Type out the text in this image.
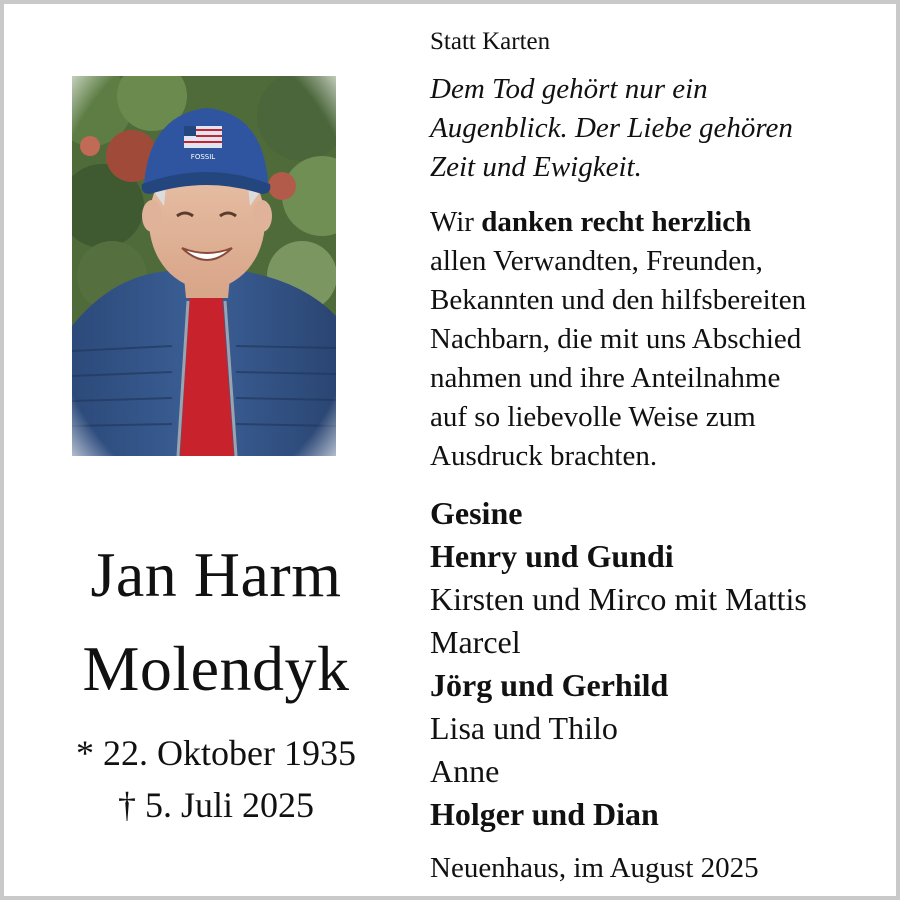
Jan Harm
Molendyk
* 22. Oktober 1935
† 5. Juli 2025
Statt Karten
Dem Tod gehört nur ein
Augenblick. Der Liebe gehören
Zeit und Ewigkeit.
Wir danken recht herzlich
allen Verwandten, Freunden,
Bekannten und den hilfsbereiten
Nachbarn, die mit uns Abschied
nahmen und ihre Anteilnahme
auf so liebevolle Weise zum
Ausdruck brachten.
Gesine
Henry und Gundi
Kirsten und Mirco mit Mattis
Marcel
Jörg und Gerhild
Lisa und Thilo
Anne
Holger und Dian
Neuenhaus, im August 2025
